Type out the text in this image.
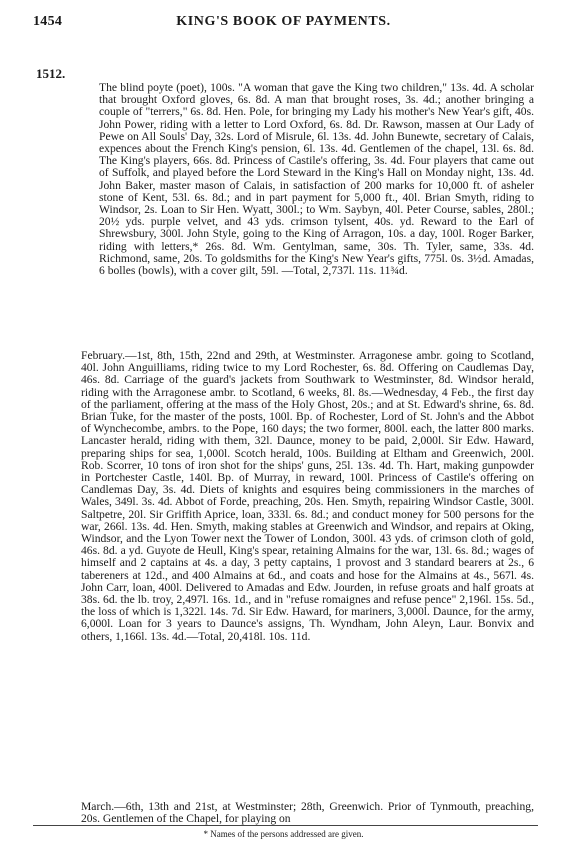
1454	KING'S BOOK OF PAYMENTS.
1512.
The blind poyte (poet), 100s. "A woman that gave the King two children," 13s. 4d. A scholar that brought Oxford gloves, 6s. 8d. A man that brought roses, 3s. 4d.; another bringing a couple of "terrers," 6s. 8d. Hen. Pole, for bringing my Lady his mother's New Year's gift, 40s. John Power, riding with a letter to Lord Oxford, 6s. 8d. Dr. Rawson, massen at Our Lady of Pewe on All Souls' Day, 32s. Lord of Misrule, 6l. 13s. 4d. John Bunewte, secretary of Calais, expences about the French King's pension, 6l. 13s. 4d. Gentlemen of the chapel, 13l. 6s. 8d. The King's players, 66s. 8d. Princess of Castile's offering, 3s. 4d. Four players that came out of Suffolk, and played before the Lord Steward in the King's Hall on Monday night, 13s. 4d. John Baker, master mason of Calais, in satisfaction of 200 marks for 10,000 ft. of asheler stone of Kent, 53l. 6s. 8d.; and in part payment for 5,000 ft., 40l. Brian Smyth, riding to Windsor, 2s. Loan to Sir Hen. Wyatt, 300l.; to Wm. Saybyn, 40l. Peter Course, sables, 280l.; 20½ yds. purple velvet, and 43 yds. crimson tylsent, 40s. yd. Reward to the Earl of Shrewsbury, 300l. John Style, going to the King of Arragon, 10s. a day, 100l. Roger Barker, riding with letters,* 26s. 8d. Wm. Gentylman, same, 30s. Th. Tyler, same, 33s. 4d. Richmond, same, 20s. To goldsmiths for the King's New Year's gifts, 775l. 0s. 3½d. Amadas, 6 bolles (bowls), with a cover gilt, 59l. —Total, 2,737l. 11s. 11¾d.
February.—1st, 8th, 15th, 22nd and 29th, at Westminster. Arragonese ambr. going to Scotland, 40l. John Anguilliams, riding twice to my Lord Rochester, 6s. 8d. Offering on Caudlemas Day, 46s. 8d. Carriage of the guard's jackets from Southwark to Westminster, 8d. Windsor herald, riding with the Arragonese ambr. to Scotland, 6 weeks, 8l. 8s.—Wednesday, 4 Feb., the first day of the parliament, offering at the mass of the Holy Ghost, 20s.; and at St. Edward's shrine, 6s. 8d. Brian Tuke, for the master of the posts, 100l. Bp. of Rochester, Lord of St. John's and the Abbot of Wynchecombe, ambrs. to the Pope, 160 days; the two former, 800l. each, the latter 800 marks. Lancaster herald, riding with them, 32l. Daunce, money to be paid, 2,000l. Sir Edw. Haward, preparing ships for sea, 1,000l. Scotch herald, 100s. Building at Eltham and Greenwich, 200l. Rob. Scorrer, 10 tons of iron shot for the ships' guns, 25l. 13s. 4d. Th. Hart, making gunpowder in Portchester Castle, 140l. Bp. of Murray, in reward, 100l. Princess of Castile's offering on Candlemas Day, 3s. 4d. Diets of knights and esquires being commissioners in the marches of Wales, 349l. 3s. 4d. Abbot of Forde, preaching, 20s. Hen. Smyth, repairing Windsor Castle, 300l. Saltpetre, 20l. Sir Griffith Aprice, loan, 333l. 6s. 8d.; and conduct money for 500 persons for the war, 266l. 13s. 4d. Hen. Smyth, making stables at Greenwich and Windsor, and repairs at Oking, Windsor, and the Lyon Tower next the Tower of London, 300l. 43 yds. of crimson cloth of gold, 46s. 8d. a yd. Guyote de Heull, King's spear, retaining Almains for the war, 13l. 6s. 8d.; wages of himself and 2 captains at 4s. a day, 3 petty captains, 1 provost and 3 standard bearers at 2s., 6 tabereners at 12d., and 400 Almains at 6d., and coats and hose for the Almains at 4s., 567l. 4s. John Carr, loan, 400l. Delivered to Amadas and Edw. Jourden, in refuse groats and half groats at 38s. 6d. the lb. troy, 2,497l. 16s. 1d., and in "refuse romaignes and refuse pence" 2,196l. 15s. 5d., the loss of which is 1,322l. 14s. 7d. Sir Edw. Haward, for mariners, 3,000l. Daunce, for the army, 6,000l. Loan for 3 years to Daunce's assigns, Th. Wyndham, John Aleyn, Laur. Bonvix and others, 1,166l. 13s. 4d.—Total, 20,418l. 10s. 11d.
March.—6th, 13th and 21st, at Westminster; 28th, Greenwich. Prior of Tynmouth, preaching, 20s. Gentlemen of the Chapel, for playing on
* Names of the persons addressed are given.
